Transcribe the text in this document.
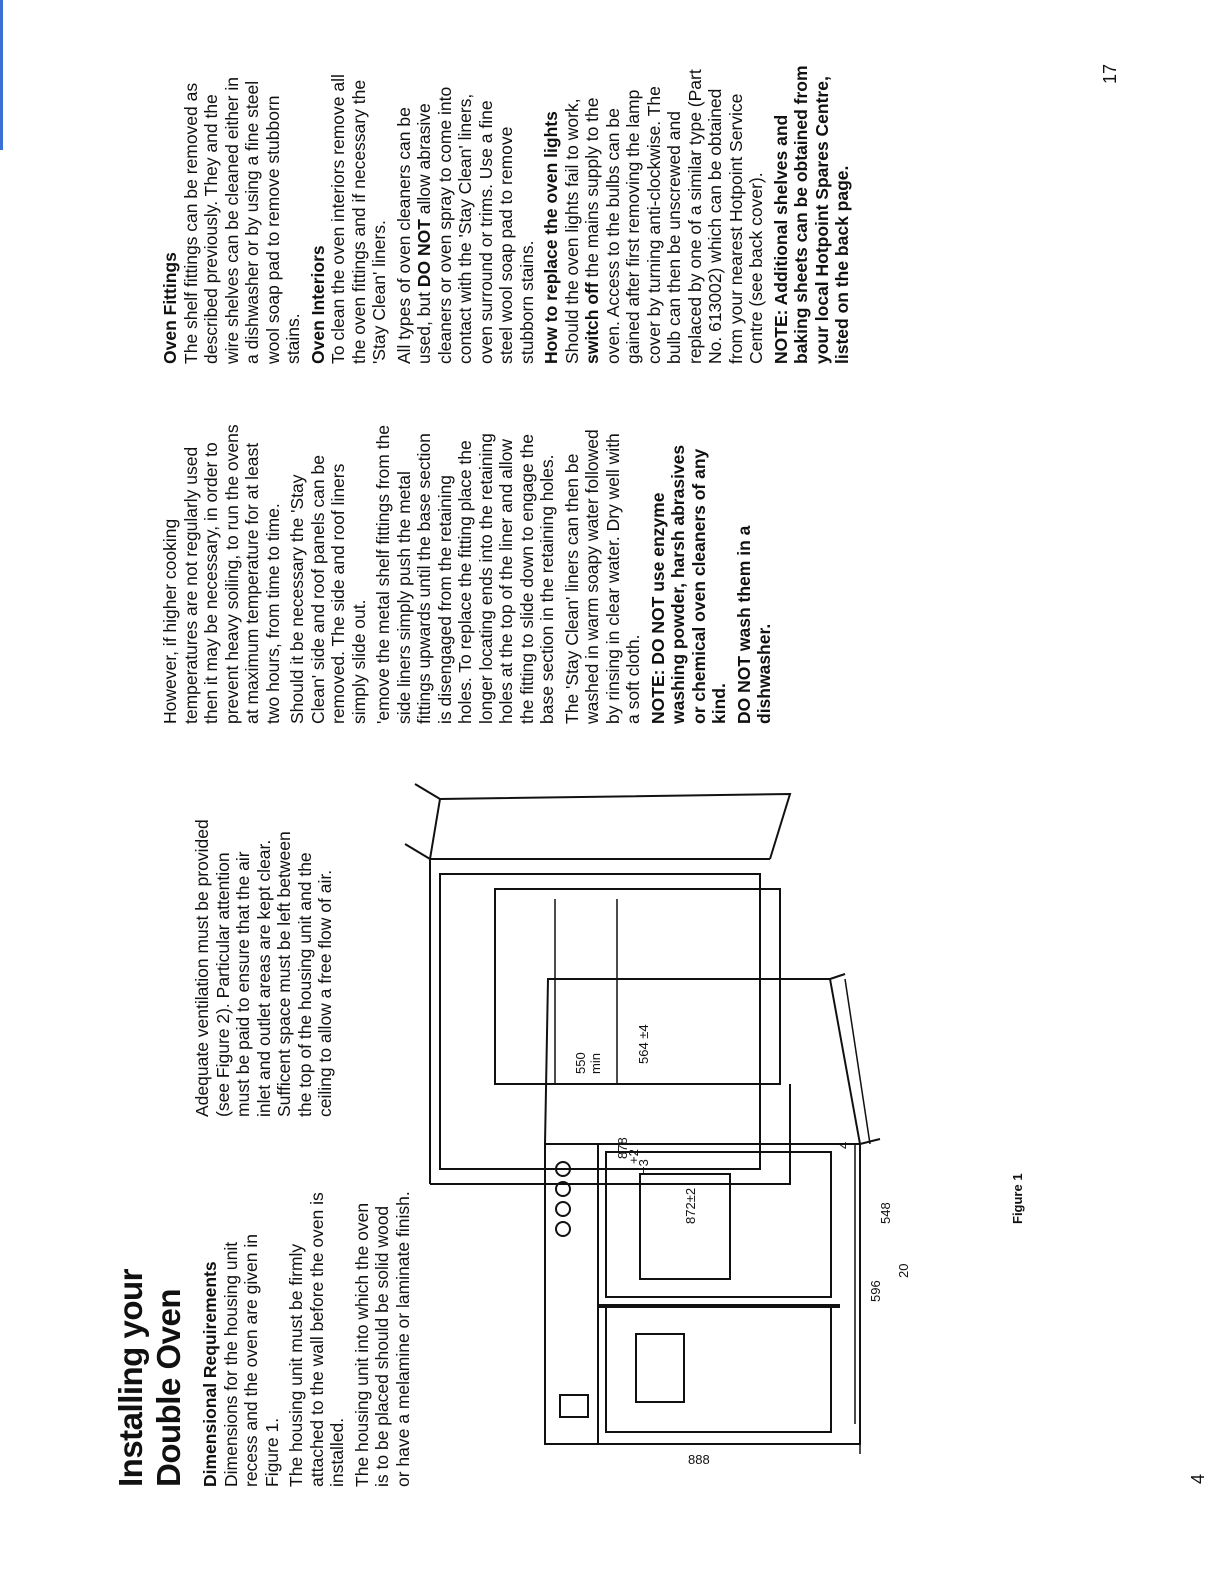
Installing your Double Oven Dimensional Requirements Dimensions for the housing unit recess and the oven are given in Figure 1. The housing unit must be firmly attached to the wall before the oven is installed. The housing unit into which the oven is to be placed should be solid wood or have a melamine or laminate finish.

Adequate ventilation must be provided (see Figure 2). Particular attention must be paid to ensure that the air inlet and outlet areas are kept clear. Sufficent space must be left between the top of the housing unit and the ceiling to allow a free flow of air.

888
596
20
548
872±2
4
878
+2
−3
550 min	564 ±4
Figure 1

However, if higher cooking temperatures are not regularly used then it may be necessary, in order to prevent heavy soiling, to run the ovens at maximum temperature for at least two hours, from time to time. Should it be necessary the 'Stay Clean' side and roof panels can be removed. The side and roof liners simply slide out. 'emove the metal shelf fittings from the side liners simply push the metal fittings upwards until the base section is disengaged from the retaining holes. To replace the fitting place the longer locating ends into the retaining holes at the top of the liner and allow the fitting to slide down to engage the base section in the retaining holes. The 'Stay Clean' liners can then be washed in warm soapy water followed by rinsing in clear water. Dry well with a soft cloth. NOTE: DO NOT use enzyme washing powder, harsh abrasives or chemical oven cleaners of any kind. DO NOT wash them in a dishwasher.

Oven Fittings The shelf fittings can be removed as described previously. They and the wire shelves can be cleaned either in a dishwasher or by using a fine steel wool soap pad to remove stubborn stains. Oven Interiors To clean the oven interiors remove all the oven fittings and if necessary the 'Stay Clean' liners. All types of oven cleaners can be used, but DO NOT allow abrasive cleaners or oven spray to come into contact with the 'Stay Clean' liners, oven surround or trims. Use a fine steel wool soap pad to remove stubborn stains. How to replace the oven lights Should the oven lights fail to work, switch off the mains supply to the oven. Access to the bulbs can be gained after first removing the lamp cover by turning anti-clockwise. The bulb can then be unscrewed and replaced by one of a similar type (Part No. 613002) which can be obtained from your nearest Hotpoint Service Centre (see back cover). NOTE: Additional shelves and baking sheets can be obtained from your local Hotpoint Spares Centre, listed on the back page.

4
17
